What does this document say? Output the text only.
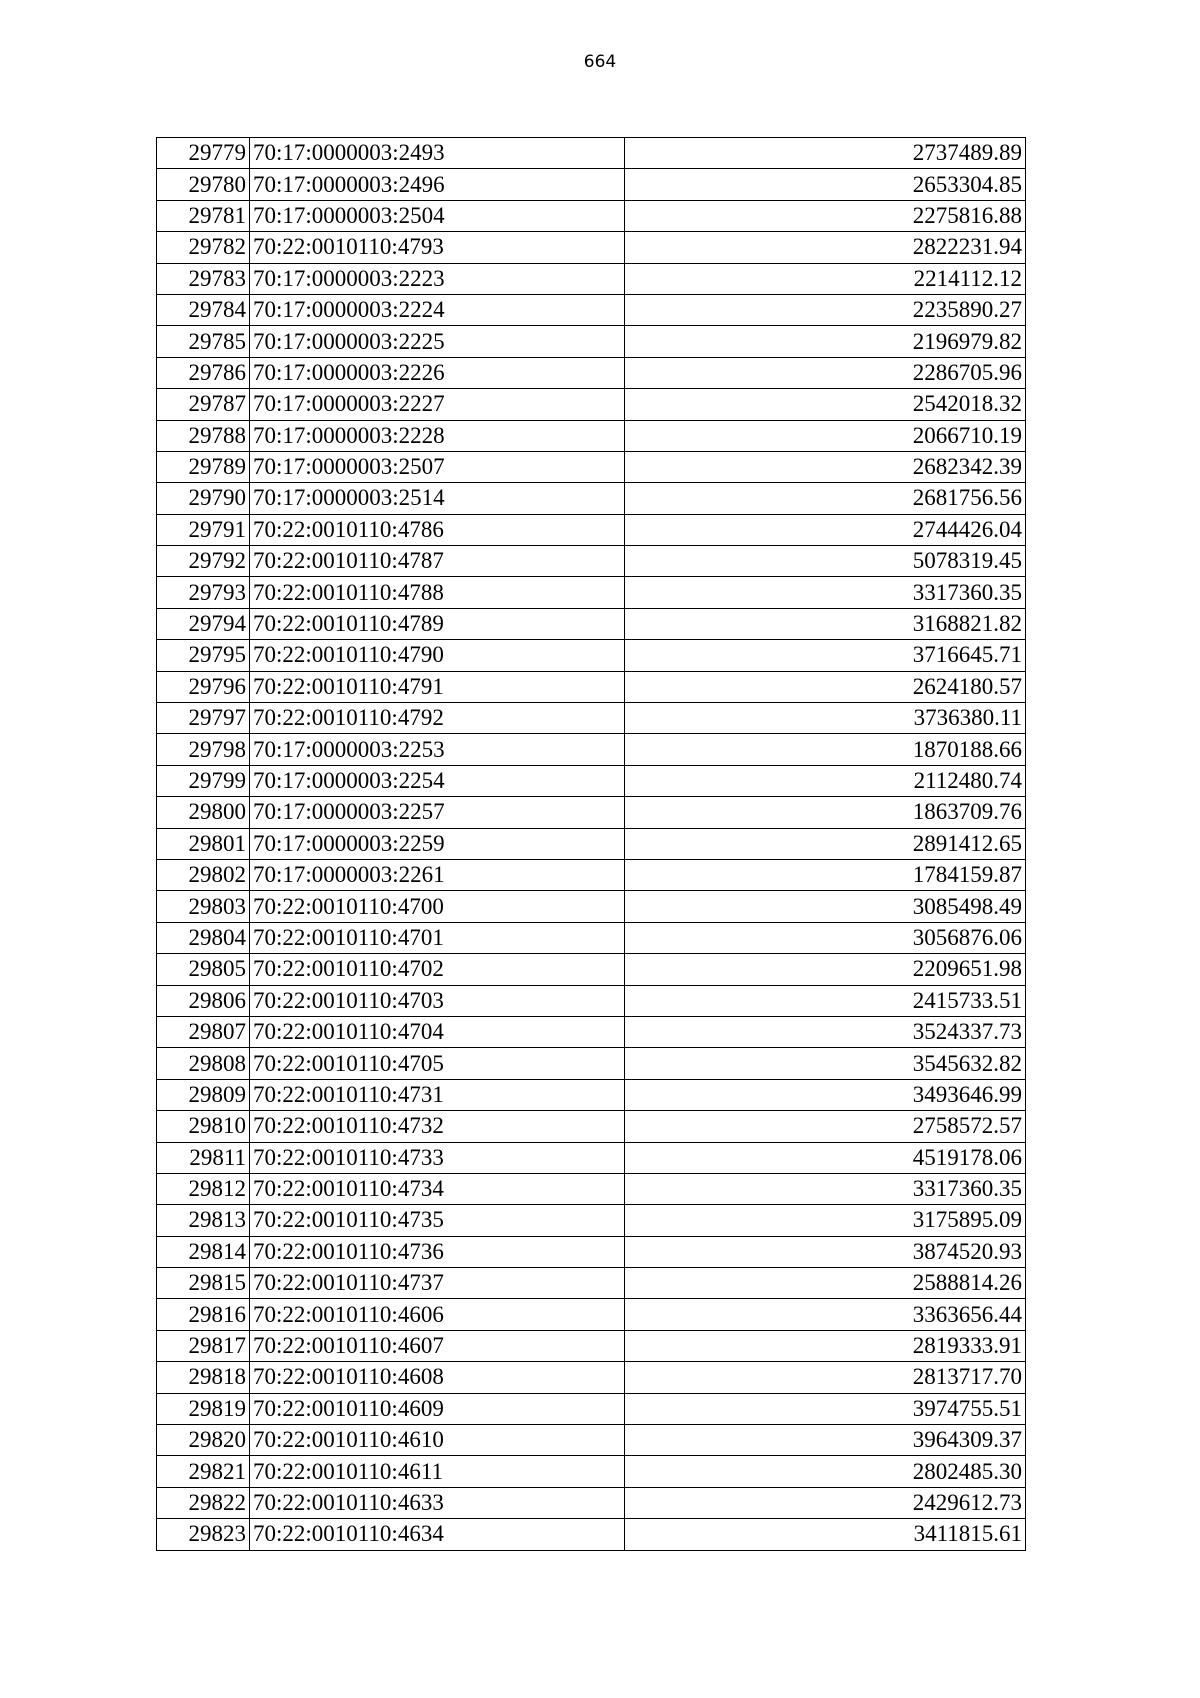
664
29779	70:17:0000003:2493	2737489.89
29780	70:17:0000003:2496	2653304.85
29781	70:17:0000003:2504	2275816.88
29782	70:22:0010110:4793	2822231.94
29783	70:17:0000003:2223	2214112.12
29784	70:17:0000003:2224	2235890.27
29785	70:17:0000003:2225	2196979.82
29786	70:17:0000003:2226	2286705.96
29787	70:17:0000003:2227	2542018.32
29788	70:17:0000003:2228	2066710.19
29789	70:17:0000003:2507	2682342.39
29790	70:17:0000003:2514	2681756.56
29791	70:22:0010110:4786	2744426.04
29792	70:22:0010110:4787	5078319.45
29793	70:22:0010110:4788	3317360.35
29794	70:22:0010110:4789	3168821.82
29795	70:22:0010110:4790	3716645.71
29796	70:22:0010110:4791	2624180.57
29797	70:22:0010110:4792	3736380.11
29798	70:17:0000003:2253	1870188.66
29799	70:17:0000003:2254	2112480.74
29800	70:17:0000003:2257	1863709.76
29801	70:17:0000003:2259	2891412.65
29802	70:17:0000003:2261	1784159.87
29803	70:22:0010110:4700	3085498.49
29804	70:22:0010110:4701	3056876.06
29805	70:22:0010110:4702	2209651.98
29806	70:22:0010110:4703	2415733.51
29807	70:22:0010110:4704	3524337.73
29808	70:22:0010110:4705	3545632.82
29809	70:22:0010110:4731	3493646.99
29810	70:22:0010110:4732	2758572.57
29811	70:22:0010110:4733	4519178.06
29812	70:22:0010110:4734	3317360.35
29813	70:22:0010110:4735	3175895.09
29814	70:22:0010110:4736	3874520.93
29815	70:22:0010110:4737	2588814.26
29816	70:22:0010110:4606	3363656.44
29817	70:22:0010110:4607	2819333.91
29818	70:22:0010110:4608	2813717.70
29819	70:22:0010110:4609	3974755.51
29820	70:22:0010110:4610	3964309.37
29821	70:22:0010110:4611	2802485.30
29822	70:22:0010110:4633	2429612.73
29823	70:22:0010110:4634	3411815.61
